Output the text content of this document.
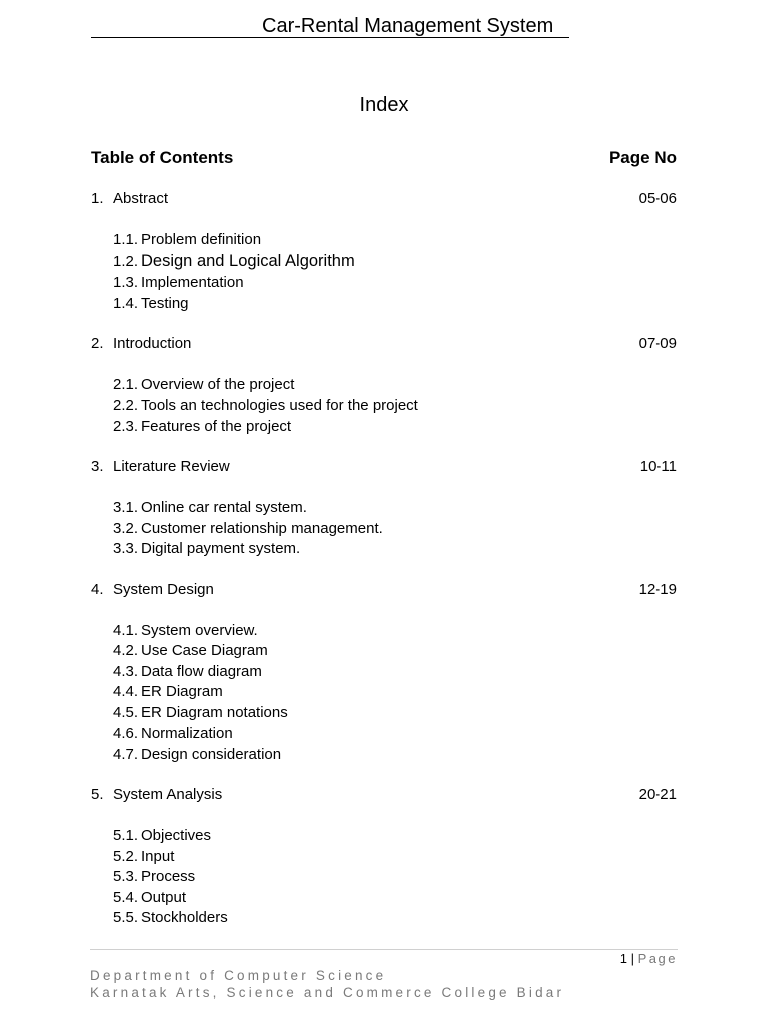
Car-Rental Management System
Index
Table of Contents	Page No
1. Abstract	05-06
1.1. Problem definition
1.2. Design and Logical Algorithm
1.3. Implementation
1.4. Testing
2. Introduction	07-09
2.1. Overview of the project
2.2. Tools an technologies used for the project
2.3. Features of the project
3. Literature Review	10-11
3.1. Online car rental system.
3.2. Customer relationship management.
3.3. Digital payment system.
4. System Design	12-19
4.1. System overview.
4.2. Use Case Diagram
4.3. Data flow diagram
4.4. ER Diagram
4.5. ER Diagram notations
4.6. Normalization
4.7. Design consideration
5. System Analysis	20-21
5.1. Objectives
5.2. Input
5.3. Process
5.4. Output
5.5. Stockholders
1 | Page
Department of Computer Science
Karnatak Arts, Science and Commerce College Bidar
